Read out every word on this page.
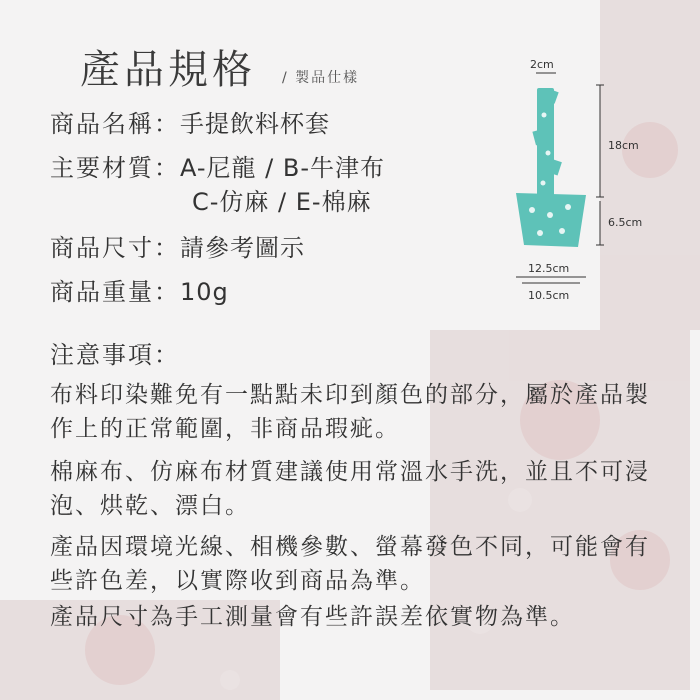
產品規格 / 製品仕樣
商品名稱：手提飲料杯套
主要材質：A-尼龍 / B-牛津布
C-仿麻 / E-棉麻
商品尺寸：請參考圖示
商品重量：10g
2cm
18cm
6.5cm
12.5cm
10.5cm
注意事項：
布料印染難免有一點點未印到顏色的部分，屬於產品製作上的正常範圍，非商品瑕疵。
棉麻布、仿麻布材質建議使用常溫水手洗，並且不可浸泡、烘乾、漂白。
產品因環境光線、相機參數、螢幕發色不同，可能會有些許色差，以實際收到商品為準。
產品尺寸為手工測量會有些許誤差依實物為準。
